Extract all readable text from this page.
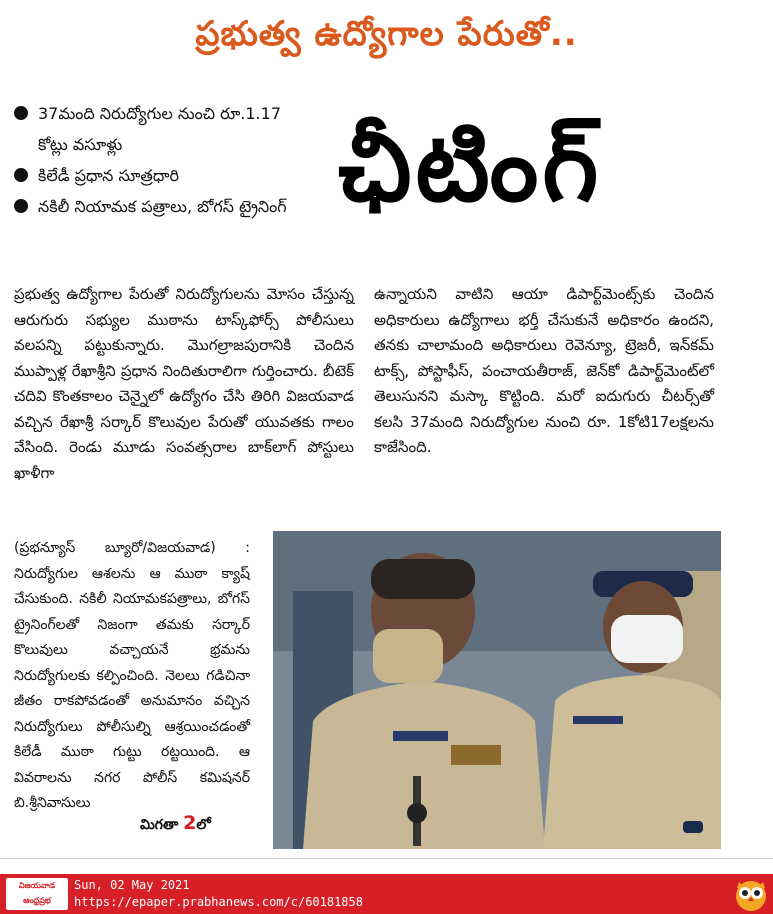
ప్రభుత్వ ఉద్యోగాల పేరుతో..
37మంది నిరుద్యోగుల నుంచి రూ.1.17 కోట్లు వసూళ్లు
కిలేడీ ప్రధాన సూత్రధారి
నకిలీ నియామక పత్రాలు, బోగస్ ట్రైనింగ్ ఛీటింగ్
ప్రభుత్వ ఉద్యోగాల పేరుతో నిరుద్యోగులను మోసం చేస్తున్న ఆరుగురు సభ్యుల ముఠాను టాస్క్‌ఫోర్స్ పోలీసులు వలపన్ని పట్టుకున్నారు. మొగల్రాజపురానికి చెందిన ముప్పాళ్ల రేఖాశ్రీని ప్రధాన నిందితురాలిగా గుర్తించారు. బీటెక్ చదివి కొంతకాలం చెన్నైలో ఉద్యోగం చేసి తిరిగి విజయవాడ వచ్చిన రేఖాశ్రీ సర్కార్ కొలువుల పేరుతో యువతకు గాలం వేసింది. రెండు మూడు సంవత్సరాల బాక్‌లాగ్ పోస్టులు ఖాళీగా
ఉన్నాయని వాటిని ఆయా డిపార్ట్‌మెంట్స్‌కు చెందిన అధికారులు ఉద్యోగాలు భర్తీ చేసుకునే అధికారం ఉందని, తనకు చాలామంది అధికారులు రెవెన్యూ, ట్రెజరీ, ఇన్‌కమ్ టాక్స్, పోస్టాఫీస్, పంచాయతీరాజ్, జెన్‌కో డిపార్ట్‌మెంట్‌లో తెలుసునని మస్కా కొట్టింది. మరో ఐదుగురు చీటర్స్‌తో కలసి 37మంది నిరుద్యోగుల నుంచి రూ. 1కోటి17లక్షలను కాజేసింది.
(ప్రభన్యూస్ బ్యూరో/విజయవాడ) : నిరుద్యోగుల ఆశలను ఆ ముఠా క్యాష్ చేసుకుంది. నకిలీ నియామకపత్రాలు, బోగస్ ట్రైనింగ్‌లతో నిజంగా తమకు సర్కార్ కొలువులు వచ్చాయనే భ్రమను నిరుద్యోగులకు కల్పించింది. నెలలు గడిచినా జీతం రాకపోవడంతో అనుమానం వచ్చిన నిరుద్యోగులు పోలీసుల్ని ఆశ్రయించడంతో కిలేడీ ముఠా గుట్టు రట్టయింది. ఆ వివరాలను నగర పోలీస్ కమిషనర్ బి.శ్రీనివాసులు
మిగతా 2లో
విజయవాడ
ఆంధ్రప్రభ
Sun, 02 May 2021
https://epaper.prabhanews.com/c/60181858
